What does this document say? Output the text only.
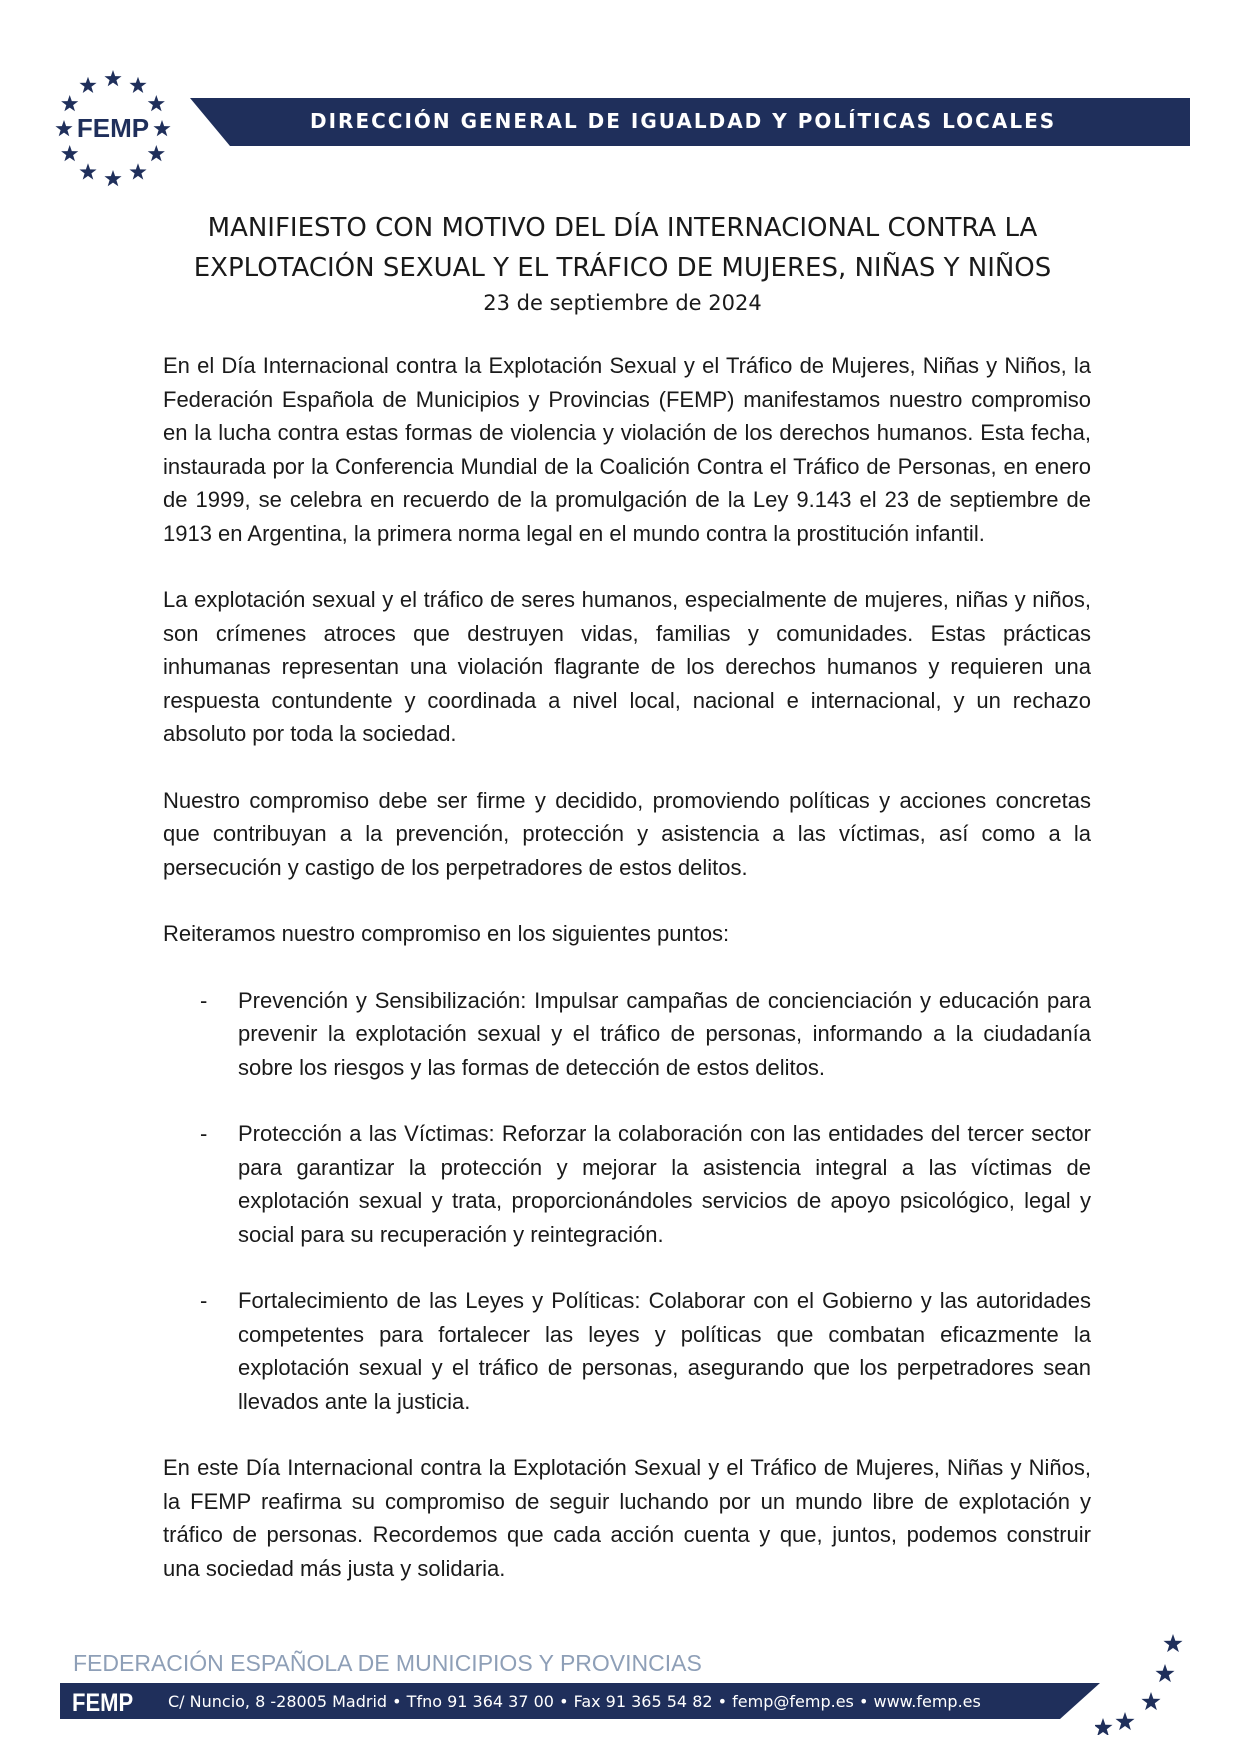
FEMP	DIRECCIÓN GENERAL DE IGUALDAD Y POLÍTICAS LOCALES
MANIFIESTO CON MOTIVO DEL DÍA INTERNACIONAL CONTRA LA
EXPLOTACIÓN SEXUAL Y EL TRÁFICO DE MUJERES, NIÑAS Y NIÑOS
23 de septiembre de 2024

En el Día Internacional contra la Explotación Sexual y el Tráfico de Mujeres, Niñas y Niños, la Federación Española de Municipios y Provincias (FEMP) manifestamos nuestro compromiso en la lucha contra estas formas de violencia y violación de los derechos humanos. Esta fecha, instaurada por la Conferencia Mundial de la Coalición Contra el Tráfico de Personas, en enero de 1999, se celebra en recuerdo de la promulgación de la Ley 9.143 el 23 de septiembre de 1913 en Argentina, la primera norma legal en el mundo contra la prostitución infantil.

La explotación sexual y el tráfico de seres humanos, especialmente de mujeres, niñas y niños, son crímenes atroces que destruyen vidas, familias y comunidades. Estas prácticas inhumanas representan una violación flagrante de los derechos humanos y requieren una respuesta contundente y coordinada a nivel local, nacional e internacional, y un rechazo absoluto por toda la sociedad.

Nuestro compromiso debe ser firme y decidido, promoviendo políticas y acciones concretas que contribuyan a la prevención, protección y asistencia a las víctimas, así como a la persecución y castigo de los perpetradores de estos delitos.

Reiteramos nuestro compromiso en los siguientes puntos:

- Prevención y Sensibilización: Impulsar campañas de concienciación y educación para prevenir la explotación sexual y el tráfico de personas, informando a la ciudadanía sobre los riesgos y las formas de detección de estos delitos.
- Protección a las Víctimas: Reforzar la colaboración con las entidades del tercer sector para garantizar la protección y mejorar la asistencia integral a las víctimas de explotación sexual y trata, proporcionándoles servicios de apoyo psicológico, legal y social para su recuperación y reintegración.
- Fortalecimiento de las Leyes y Políticas: Colaborar con el Gobierno y las autoridades competentes para fortalecer las leyes y políticas que combatan eficazmente la explotación sexual y el tráfico de personas, asegurando que los perpetradores sean llevados ante la justicia.

En este Día Internacional contra la Explotación Sexual y el Tráfico de Mujeres, Niñas y Niños, la FEMP reafirma su compromiso de seguir luchando por un mundo libre de explotación y tráfico de personas. Recordemos que cada acción cuenta y que, juntos, podemos construir una sociedad más justa y solidaria.

FEDERACIÓN ESPAÑOLA DE MUNICIPIOS Y PROVINCIAS
FEMP C/ Nuncio, 8 -28005 Madrid • Tfno 91 364 37 00 • Fax 91 365 54 82 • femp@femp.es • www.femp.es
